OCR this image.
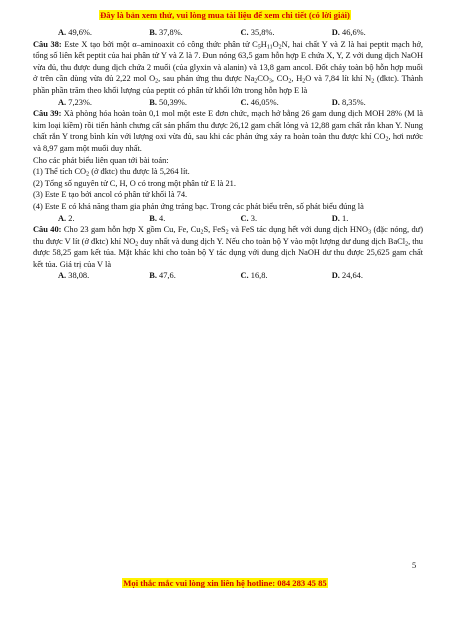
Đây là bản xem thử, vui lòng mua tài liệu để xem chi tiết (có lời giải)
A. 49,6%.	B. 37,8%.	C. 35,8%.	D. 46,6%.
Câu 38: Este X tạo bởi một α–aminoaxit có công thức phân tử $C_5H_{11}O_2N$, hai chất Y và Z là hai peptit mạch hở, tổng số liên kết peptit của hai phân tử Y và Z là 7. Đun nóng 63,5 gam hỗn hợp E chứa X, Y, Z với dung dịch NaOH vừa đủ, thu được dung dịch chứa 2 muối (của glyxin và alanin) và 13,8 gam ancol. Đốt cháy toàn bộ hỗn hợp muối ở trên cần dùng vừa đủ 2,22 mol $O_2$, sau phản ứng thu được $Na_2CO_3$, $CO_2$, $H_2O$ và 7,84 lít khí $N_2$ (đktc). Thành phần phần trăm theo khối lượng của peptit có phân tử khối lớn trong hỗn hợp E là
A. 7,23%.	B. 50,39%.	C. 46,05%.	D. 8,35%.
Câu 39: Xà phòng hóa hoàn toàn 0,1 mol một este E đơn chức, mạch hở bằng 26 gam dung dịch MOH 28% (M là kim loại kiềm) rồi tiến hành chưng cất sản phẩm thu được 26,12 gam chất lỏng và 12,88 gam chất rắn khan Y. Nung chất rắn Y trong bình kín với lượng oxi vừa đủ, sau khi các phản ứng xảy ra hoàn toàn thu được khí $CO_2$, hơi nước và 8,97 gam một muối duy nhất.
Cho các phát biểu liên quan tới bài toán:
(1) Thể tích $CO_2$ (ở đktc) thu được là 5,264 lít.
(2) Tổng số nguyên tử C, H, O có trong một phân tử E là 21.
(3) Este E tạo bởi ancol có phân tử khối là 74.
(4) Este E có khả năng tham gia phản ứng tráng bạc. Trong các phát biểu trên, số phát biểu đúng là
A. 2.	B. 4.	C. 3.	D. 1.
Câu 40: Cho 23 gam hỗn hợp X gồm Cu, Fe, $Cu_2S$, FeS$_2$ và FeS tác dụng hết với dung dịch $HNO_3$ (đặc nóng, dư) thu được V lít (ở đktc) khí $NO_2$ duy nhất và dung dịch Y. Nếu cho toàn bộ Y vào một lượng dư dung dịch BaCl$_2$, thu được 58,25 gam kết tủa. Mặt khác khi cho toàn bộ Y tác dụng với dung dịch NaOH dư thu được 25,625 gam chất kết tủa. Giá trị của V là
A. 38,08.	B. 47,6.	C. 16,8.	D. 24,64.
5
Mọi thắc mắc vui lòng xin liên hệ hotline: 084 283 45 85
